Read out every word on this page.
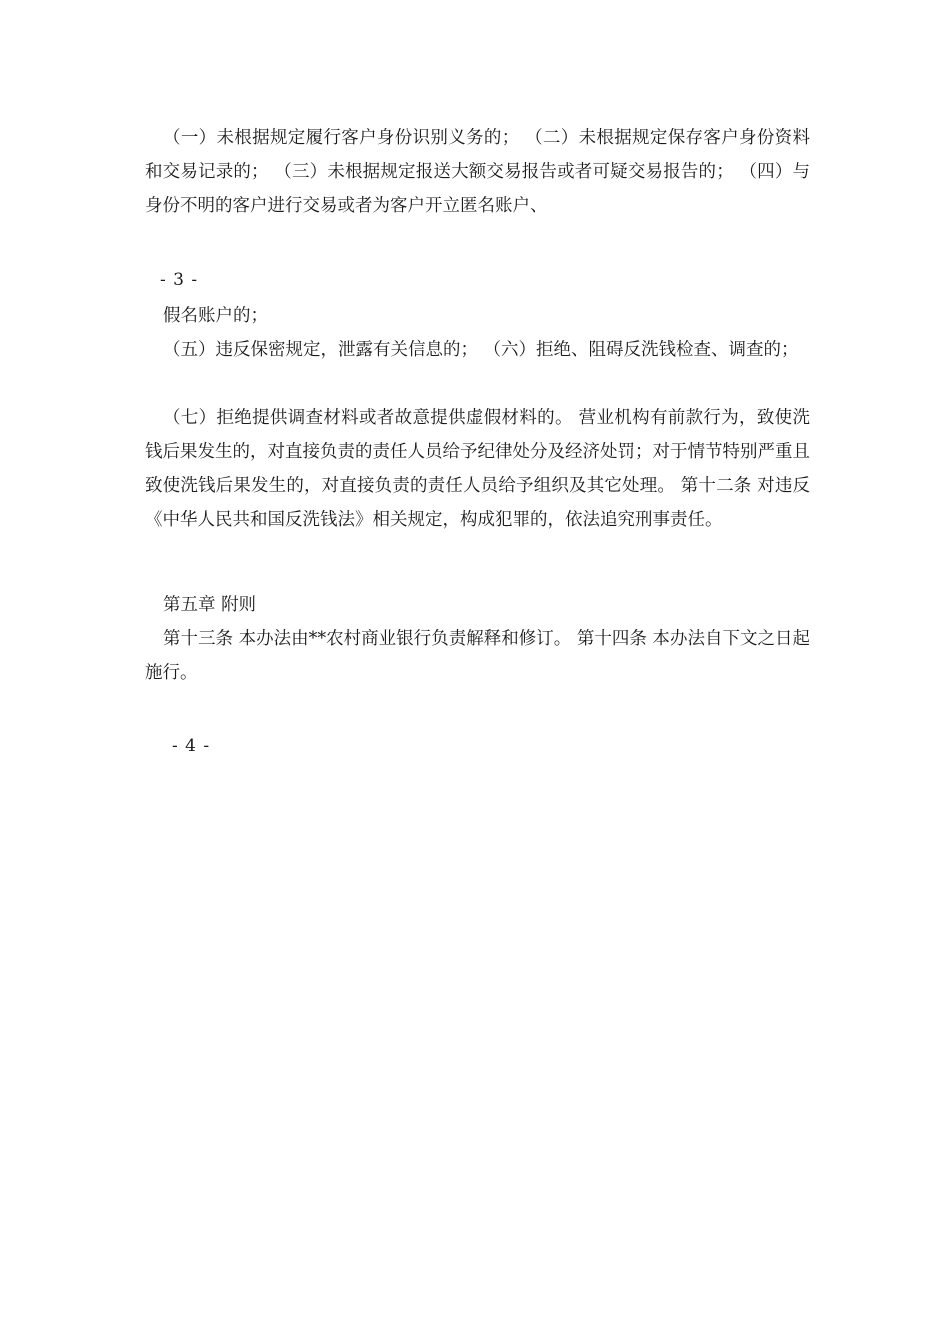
（一）未根据规定履行客户身份识别义务的； （二）未根据规定保存客户身份资料和交易记录的； （三）未根据规定报送大额交易报告或者可疑交易报告的； （四）与身份不明的客户进行交易或者为客户开立匿名账户、

- 3 -

假名账户的；

（五）违反保密规定，泄露有关信息的； （六）拒绝、阻碍反洗钱检查、调查的；

（七）拒绝提供调查材料或者故意提供虚假材料的。 营业机构有前款行为，致使洗钱后果发生的，对直接负责的责任人员给予纪律处分及经济处罚；对于情节特别严重且致使洗钱后果发生的，对直接负责的责任人员给予组织及其它处理。 第十二条 对违反《中华人民共和国反洗钱法》相关规定，构成犯罪的，依法追究刑事责任。

第五章 附则

第十三条 本办法由**农村商业银行负责解释和修订。 第十四条 本办法自下文之日起施行。

- 4 -
